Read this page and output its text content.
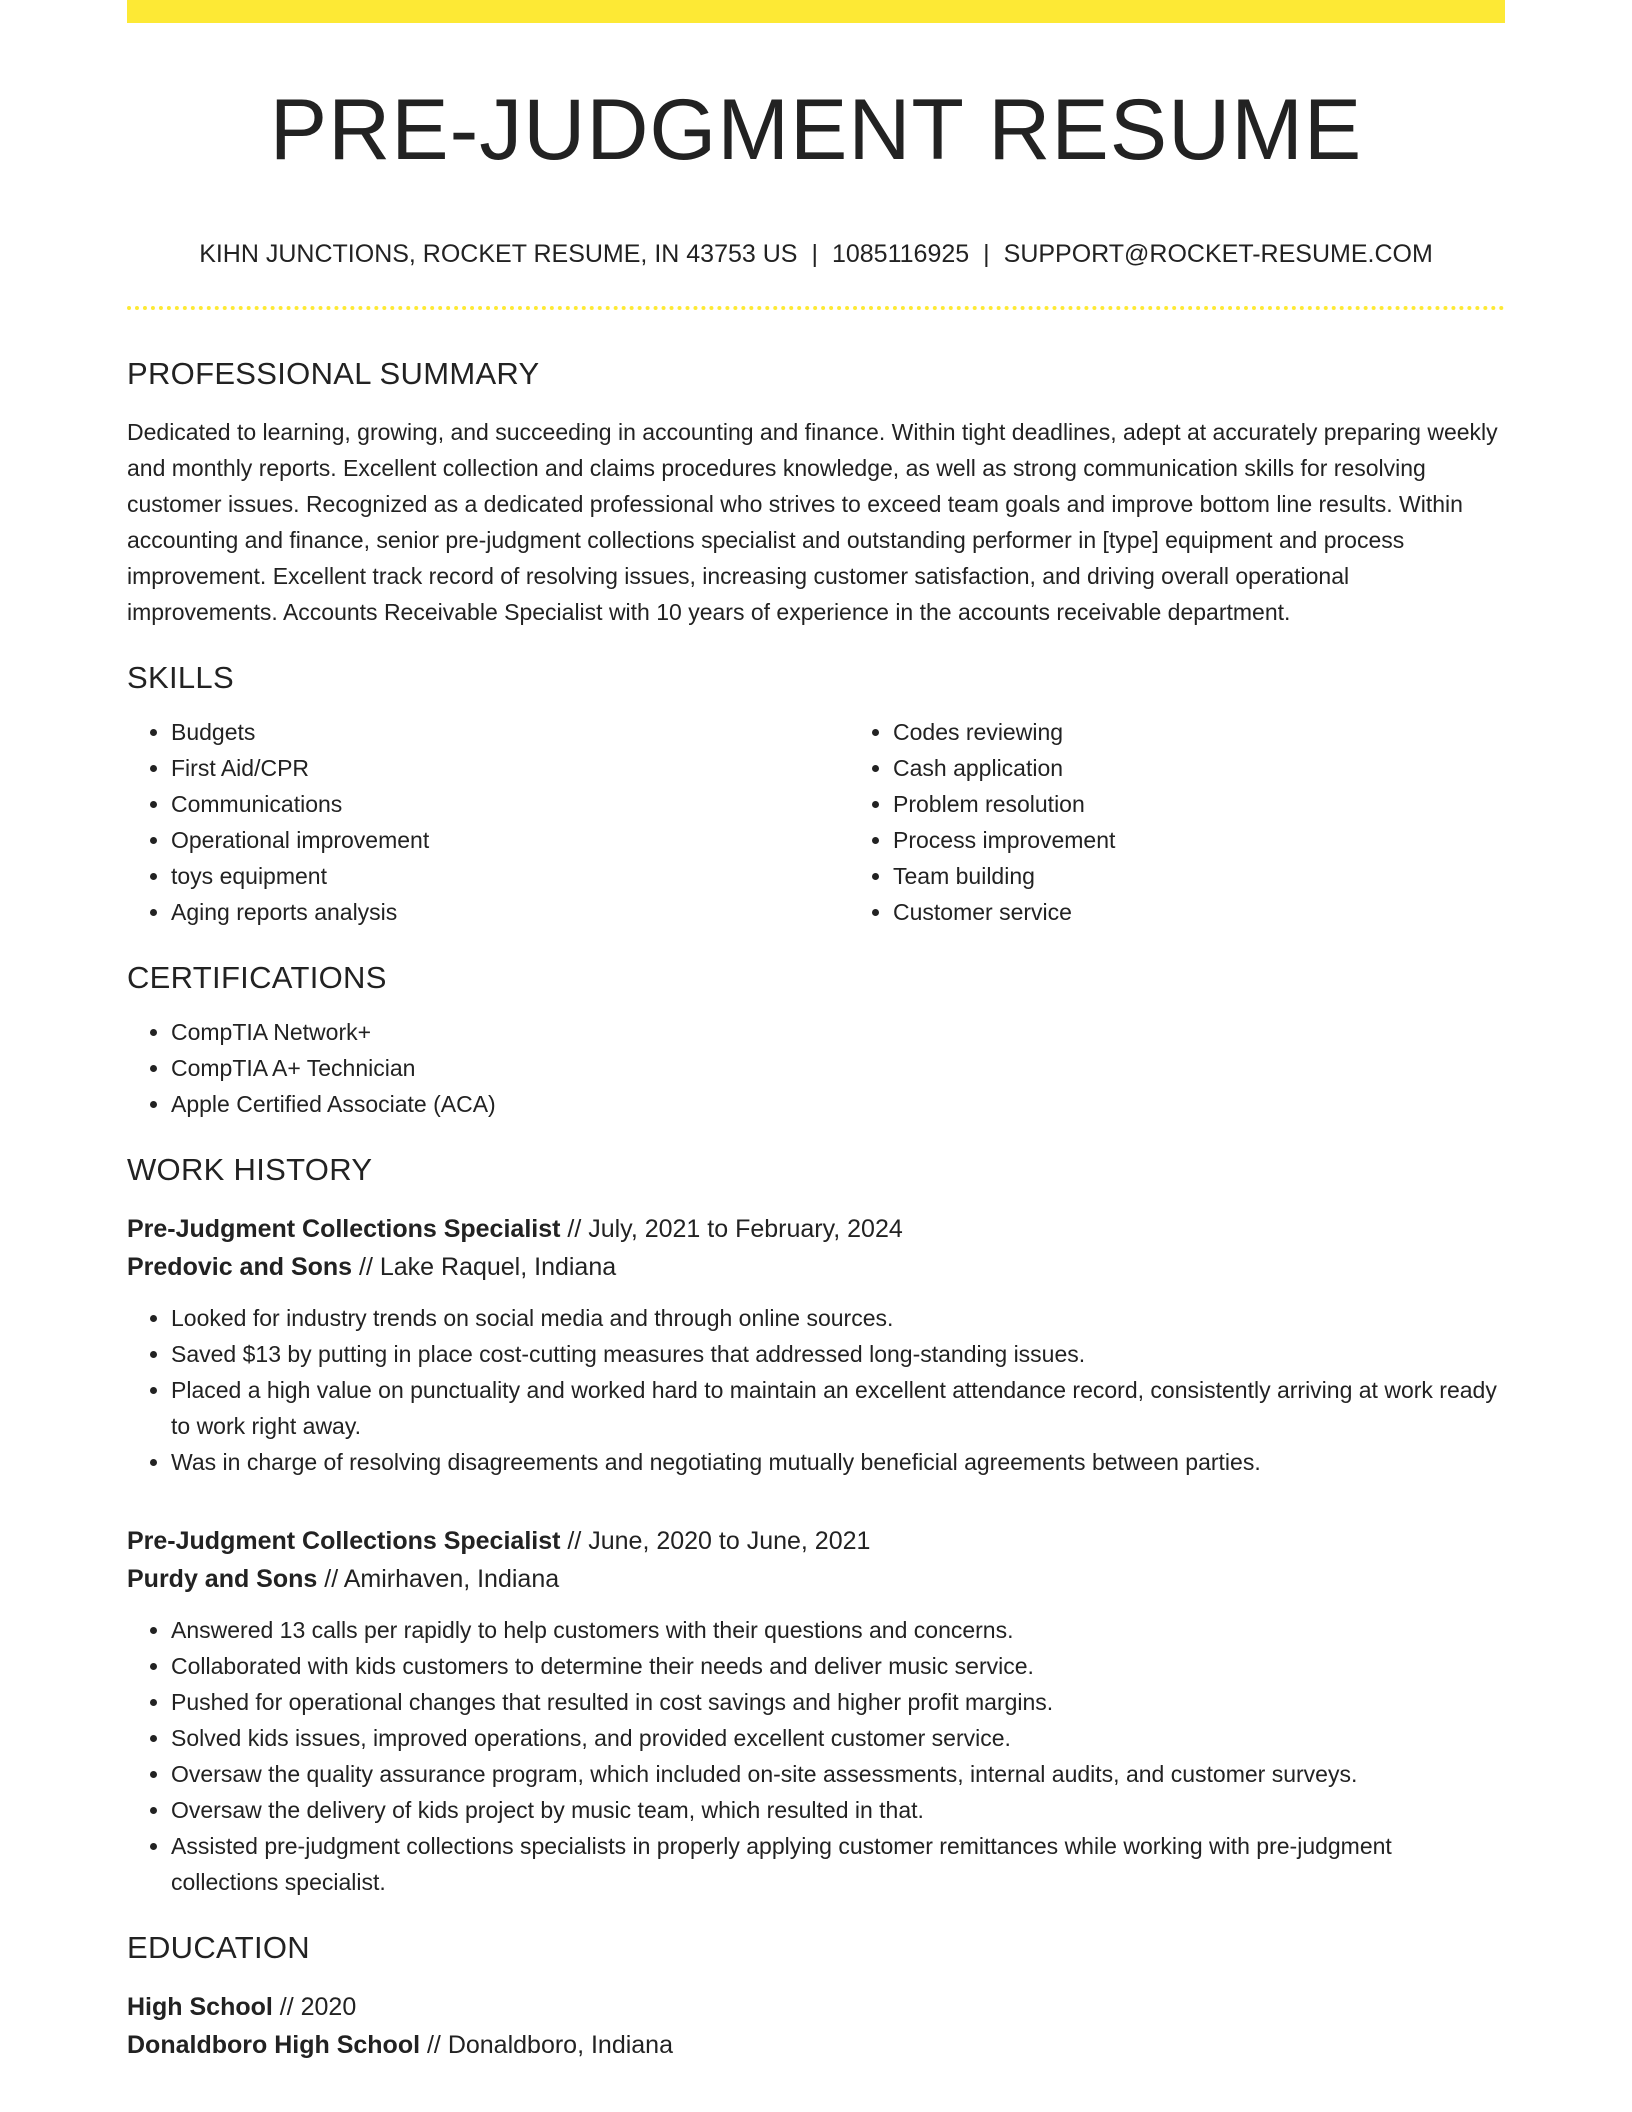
PRE-JUDGMENT RESUME
KIHN JUNCTIONS, ROCKET RESUME, IN 43753 US | 1085116925 | SUPPORT@ROCKET-RESUME.COM
PROFESSIONAL SUMMARY

Dedicated to learning, growing, and succeeding in accounting and finance. Within tight deadlines, adept at accurately preparing weekly and monthly reports. Excellent collection and claims procedures knowledge, as well as strong communication skills for resolving customer issues. Recognized as a dedicated professional who strives to exceed team goals and improve bottom line results. Within accounting and finance, senior pre-judgment collections specialist and outstanding performer in [type] equipment and process improvement. Excellent track record of resolving issues, increasing customer satisfaction, and driving overall operational improvements. Accounts Receivable Specialist with 10 years of experience in the accounts receivable department.

SKILLS
• Budgets
• First Aid/CPR
• Communications
• Operational improvement
• toys equipment
• Aging reports analysis
• Codes reviewing
• Cash application
• Problem resolution
• Process improvement
• Team building
• Customer service
CERTIFICATIONS
• CompTIA Network+
• CompTIA A+ Technician
• Apple Certified Associate (ACA)
WORK HISTORY
Pre-Judgment Collections Specialist // July, 2021 to February, 2024
Predovic and Sons // Lake Raquel, Indiana
• Looked for industry trends on social media and through online sources.
• Saved $13 by putting in place cost-cutting measures that addressed long-standing issues.
• Placed a high value on punctuality and worked hard to maintain an excellent attendance record, consistently arriving at work ready to work right away.
• Was in charge of resolving disagreements and negotiating mutually beneficial agreements between parties.
Pre-Judgment Collections Specialist // June, 2020 to June, 2021
Purdy and Sons // Amirhaven, Indiana
• Answered 13 calls per rapidly to help customers with their questions and concerns.
• Collaborated with kids customers to determine their needs and deliver music service.
• Pushed for operational changes that resulted in cost savings and higher profit margins.
• Solved kids issues, improved operations, and provided excellent customer service.
• Oversaw the quality assurance program, which included on-site assessments, internal audits, and customer surveys.
• Oversaw the delivery of kids project by music team, which resulted in that.
• Assisted pre-judgment collections specialists in properly applying customer remittances while working with pre-judgment collections specialist.
EDUCATION
High School // 2020
Donaldboro High School // Donaldboro, Indiana
